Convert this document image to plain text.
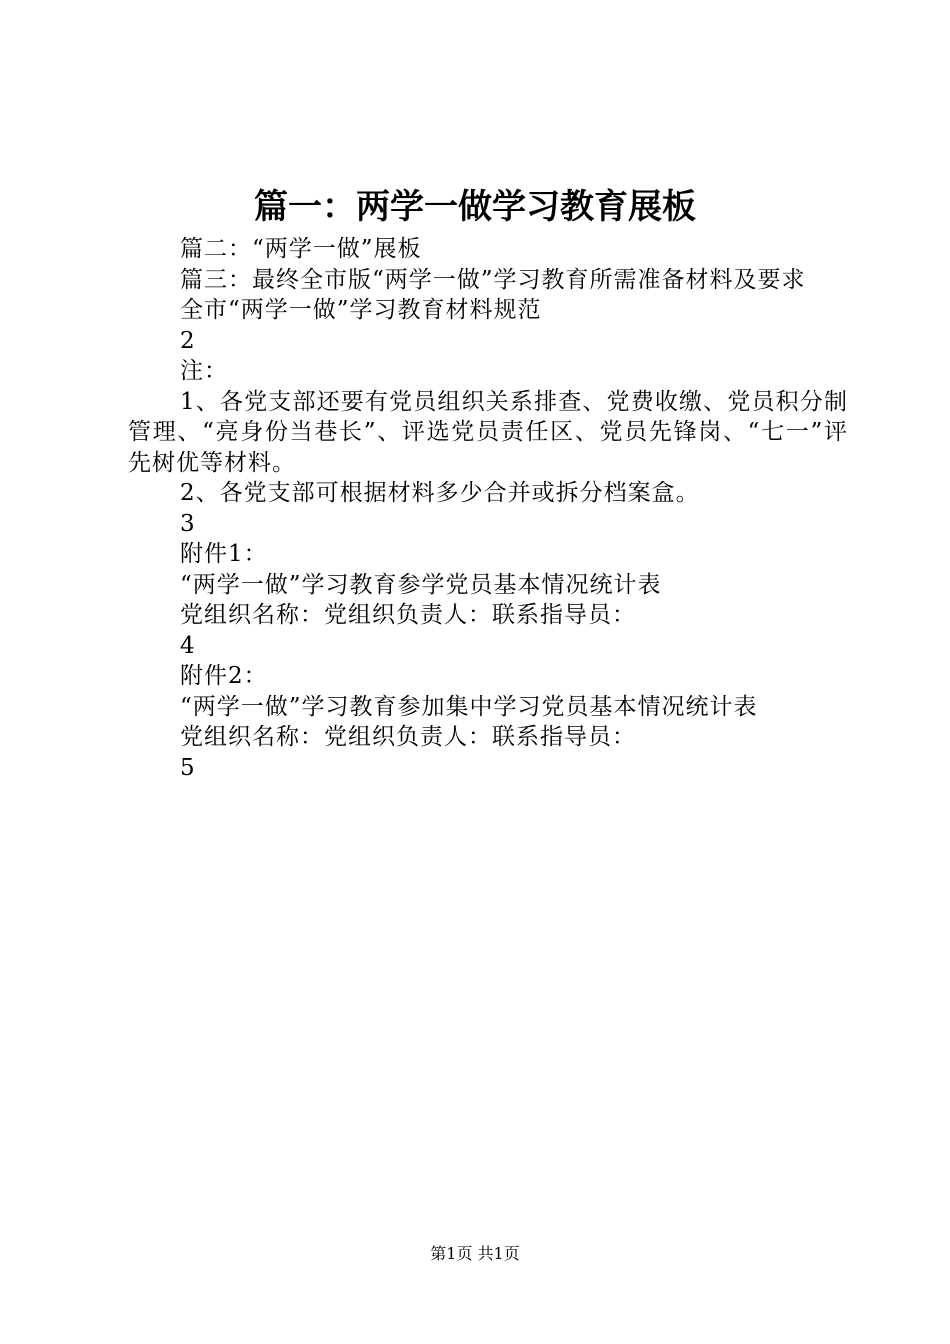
篇一：两学一做学习教育展板

篇二：“两学一做”展板

篇三：最终全市版“两学一做”学习教育所需准备材料及要求

全市“两学一做”学习教育材料规范

2

注：

1、各党支部还要有党员组织关系排查、党费收缴、党员积分制管理、“亮身份当巷长”、评选党员责任区、党员先锋岗、“七一”评先树优等材料。

2、各党支部可根据材料多少合并或拆分档案盒。

3

附件1：

“两学一做”学习教育参学党员基本情况统计表

党组织名称：党组织负责人：联系指导员：

4

附件2：

“两学一做”学习教育参加集中学习党员基本情况统计表

党组织名称：党组织负责人：联系指导员：

5

第1页 共1页
